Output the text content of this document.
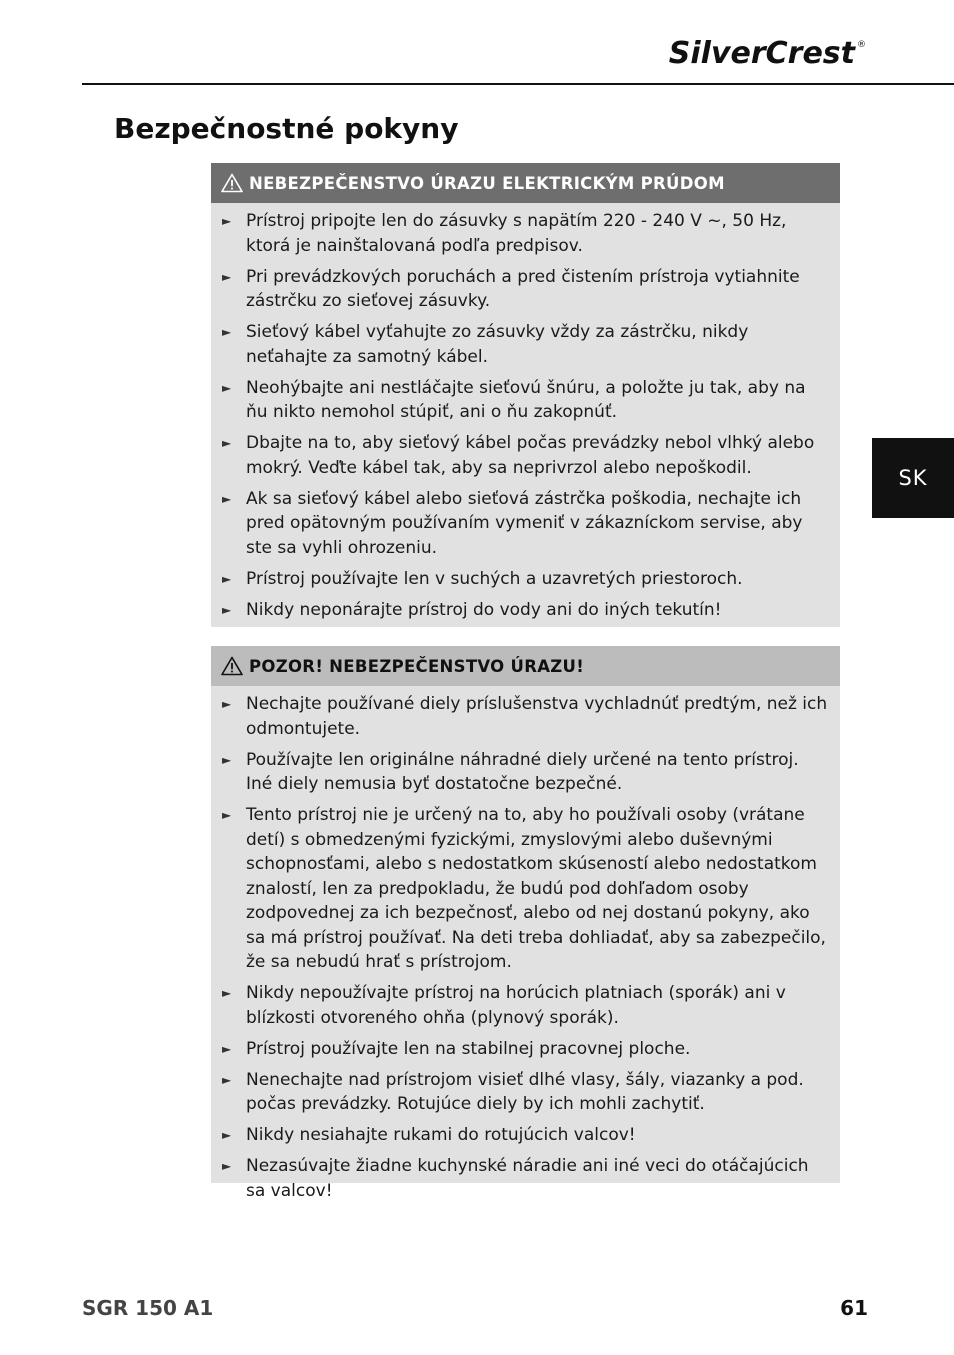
SilverCrest ®
Bezpečnostné pokyny
SK
NEBEZPEČENSTVO ÚRAZU ELEKTRICKÝM PRÚDOM
► Prístroj pripojte len do zásuvky s napätím 220 - 240 V ~, 50 Hz, ktorá je nainštalovaná podľa predpisov.
► Pri prevádzkových poruchách a pred čistením prístroja vytiahnite zástrčku zo sieťovej zásuvky.
► Sieťový kábel vyťahujte zo zásuvky vždy za zástrčku, nikdy neťahajte za samotný kábel.
► Neohýbajte ani nestláčajte sieťovú šnúru, a položte ju tak, aby na ňu nikto nemohol stúpiť, ani o ňu zakopnúť.
► Dbajte na to, aby sieťový kábel počas prevádzky nebol vlhký alebo mokrý. Veďte kábel tak, aby sa neprivrzol alebo nepoškodil.
► Ak sa sieťový kábel alebo sieťová zástrčka poškodia, nechajte ich pred opätovným používaním vymeniť v zákazníckom servise, aby ste sa vyhli ohrozeniu.
► Prístroj používajte len v suchých a uzavretých priestoroch.
► Nikdy neponárajte prístroj do vody ani do iných tekutín!
POZOR! NEBEZPEČENSTVO ÚRAZU!
► Nechajte používané diely príslušenstva vychladnúť predtým, než ich odmontujete.
► Používajte len originálne náhradné diely určené na tento prístroj. Iné diely nemusia byť dostatočne bezpečné.
► Tento prístroj nie je určený na to, aby ho používali osoby (vrátane detí) s obmedzenými fyzickými, zmyslovými alebo duševnými schopnosťami, alebo s nedostatkom skúseností alebo nedostatkom znalostí, len za predpokladu, že budú pod dohľadom osoby zodpovednej za ich bezpečnosť, alebo od nej dostanú pokyny, ako sa má prístroj používať. Na deti treba dohliadať, aby sa zabezpečilo, že sa nebudú hrať s prístrojom.
► Nikdy nepoužívajte prístroj na horúcich platniach (sporák) ani v blízkosti otvoreného ohňa (plynový sporák).
► Prístroj používajte len na stabilnej pracovnej ploche.
► Nenechajte nad prístrojom visieť dlhé vlasy, šály, viazanky a pod. počas prevádzky. Rotujúce diely by ich mohli zachytiť.
► Nikdy nesiahajte rukami do rotujúcich valcov!
► Nezasúvajte žiadne kuchynské náradie ani iné veci do otáčajúcich sa valcov!
SGR 150 A1	61
